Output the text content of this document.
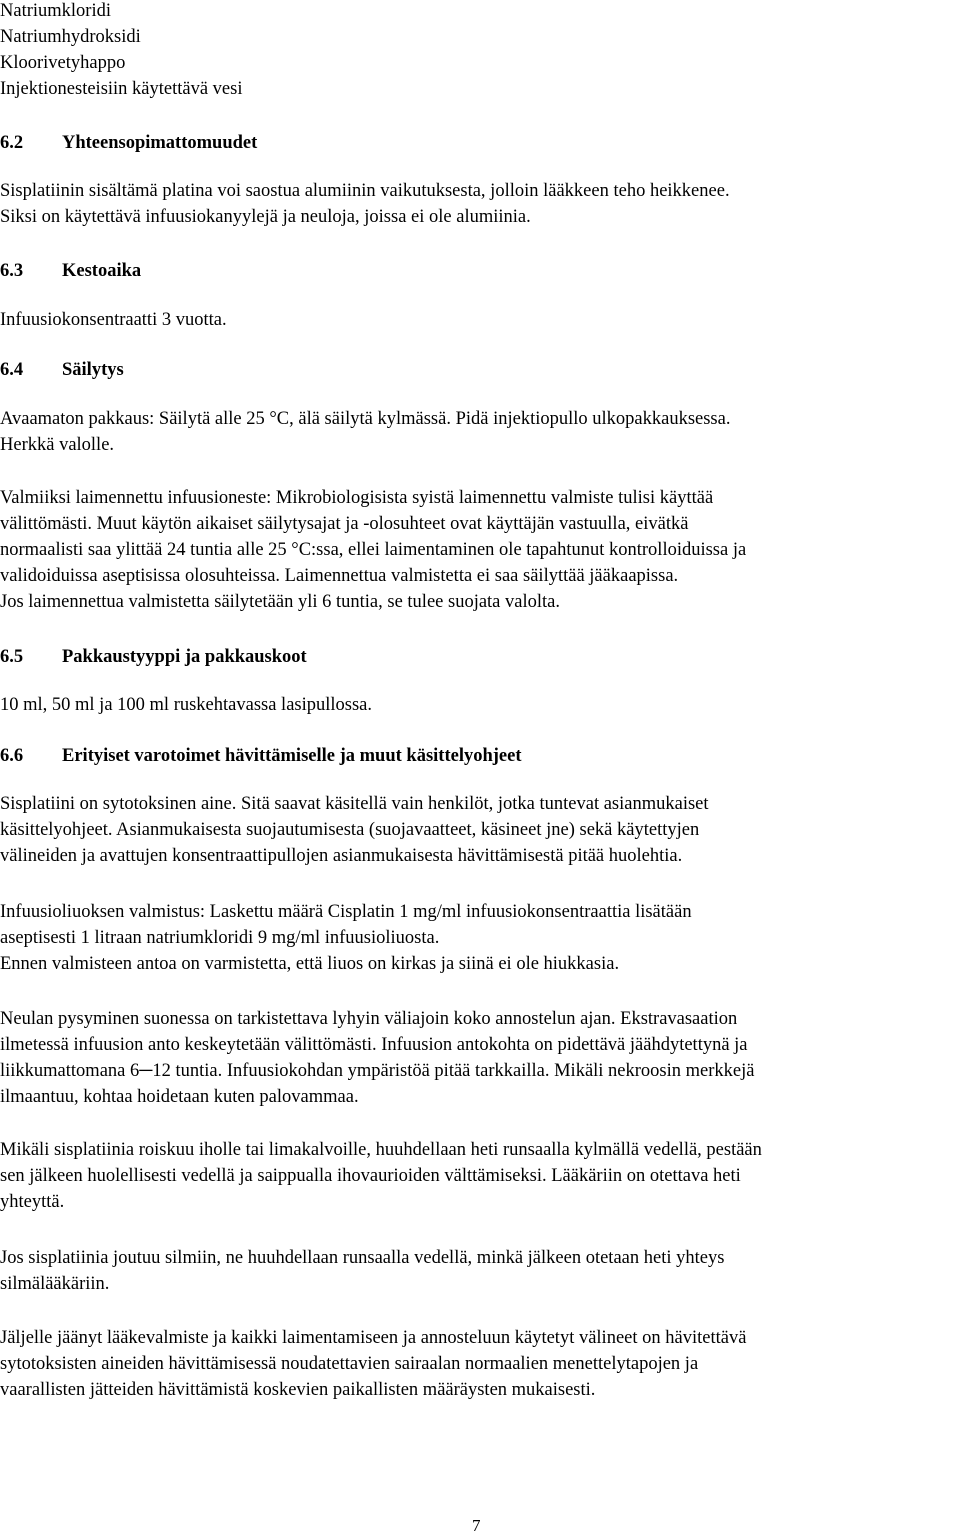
Natriumkloridi
Natriumhydroksidi
Kloorivetyhappo
Injektionesteisiin käytettävä vesi
6.2 Yhteensopimattomuudet
Sisplatiinin sisältämä platina voi saostua alumiinin vaikutuksesta, jolloin lääkkeen teho heikkenee.
Siksi on käytettävä infuusiokanyylejä ja neuloja, joissa ei ole alumiinia.
6.3 Kestoaika
Infuusiokonsentraatti 3 vuotta.
6.4 Säilytys
Avaamaton pakkaus: Säilytä alle 25 °C, älä säilytä kylmässä. Pidä injektiopullo ulkopakkauksessa.
Herkkä valolle.
Valmiiksi laimennettu infuusioneste: Mikrobiologisista syistä laimennettu valmiste tulisi käyttää
välittömästi. Muut käytön aikaiset säilytysajat ja -olosuhteet ovat käyttäjän vastuulla, eivätkä
normaalisti saa ylittää 24 tuntia alle 25 °C:ssa, ellei laimentaminen ole tapahtunut kontrolloiduissa ja
validoiduissa aseptisissa olosuhteissa. Laimennettua valmistetta ei saa säilyttää jääkaapissa.
Jos laimennettua valmistetta säilytetään yli 6 tuntia, se tulee suojata valolta.
6.5 Pakkaustyyppi ja pakkauskoot
10 ml, 50 ml ja 100 ml ruskehtavassa lasipullossa.
6.6 Erityiset varotoimet hävittämiselle ja muut käsittelyohjeet
Sisplatiini on sytotoksinen aine. Sitä saavat käsitellä vain henkilöt, jotka tuntevat asianmukaiset
käsittelyohjeet. Asianmukaisesta suojautumisesta (suojavaatteet, käsineet jne) sekä käytettyjen
välineiden ja avattujen konsentraattipullojen asianmukaisesta hävittämisestä pitää huolehtia.
Infuusioliuoksen valmistus: Laskettu määrä Cisplatin 1 mg/ml infuusiokonsentraattia lisätään
aseptisesti 1 litraan natriumkloridi 9 mg/ml infuusioliuosta.
Ennen valmisteen antoa on varmistetta, että liuos on kirkas ja siinä ei ole hiukkasia.
Neulan pysyminen suonessa on tarkistettava lyhyin väliajoin koko annostelun ajan. Ekstravasaation
ilmetessä infuusion anto keskeytetään välittömästi. Infuusion antokohta on pidettävä jäähdytettynä ja
liikkumattomana 6─12 tuntia. Infuusiokohdan ympäristöä pitää tarkkailla. Mikäli nekroosin merkkejä
ilmaantuu, kohtaa hoidetaan kuten palovammaa.
Mikäli sisplatiinia roiskuu iholle tai limakalvoille, huuhdellaan heti runsaalla kylmällä vedellä, pestään
sen jälkeen huolellisesti vedellä ja saippualla ihovaurioiden välttämiseksi. Lääkäriin on otettava heti
yhteyttä.
Jos sisplatiinia joutuu silmiin, ne huuhdellaan runsaalla vedellä, minkä jälkeen otetaan heti yhteys
silmälääkäriin.
Jäljelle jäänyt lääkevalmiste ja kaikki laimentamiseen ja annosteluun käytetyt välineet on hävitettävä
sytotoksisten aineiden hävittämisessä noudatettavien sairaalan normaalien menettelytapojen ja
vaarallisten jätteiden hävittämistä koskevien paikallisten määräysten mukaisesti.
7
